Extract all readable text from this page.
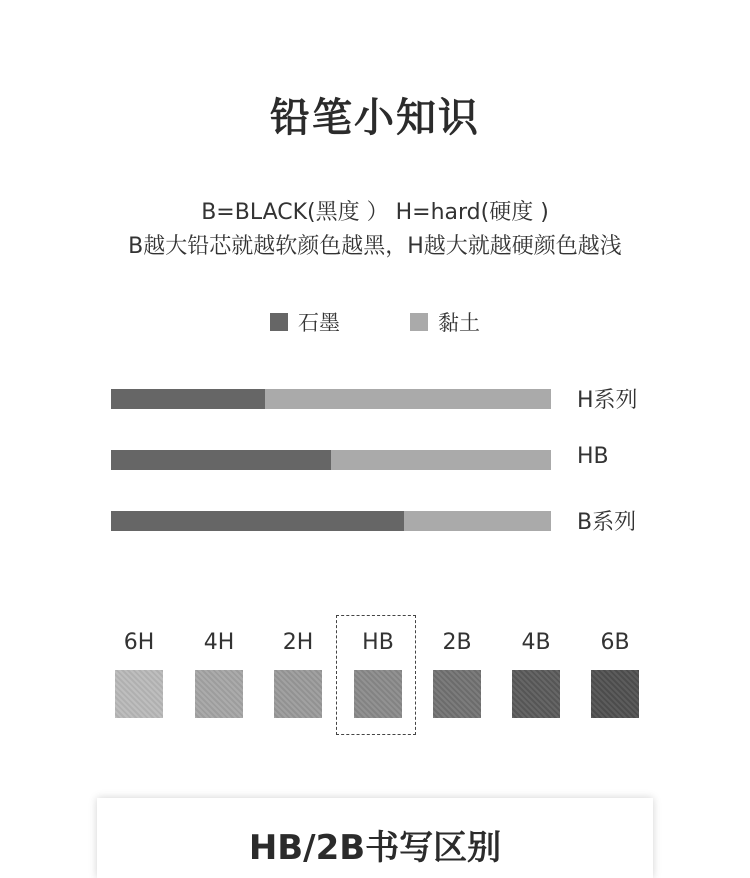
铅笔小知识
B=BLACK(黑度 ） H=hard(硬度 )
B越大铅芯就越软颜色越黑，H越大就越硬颜色越浅
石墨	黏土
H系列
HB
B系列
6H	4H	2H	HB	2B	4B	6B
HB/2B书写区别
